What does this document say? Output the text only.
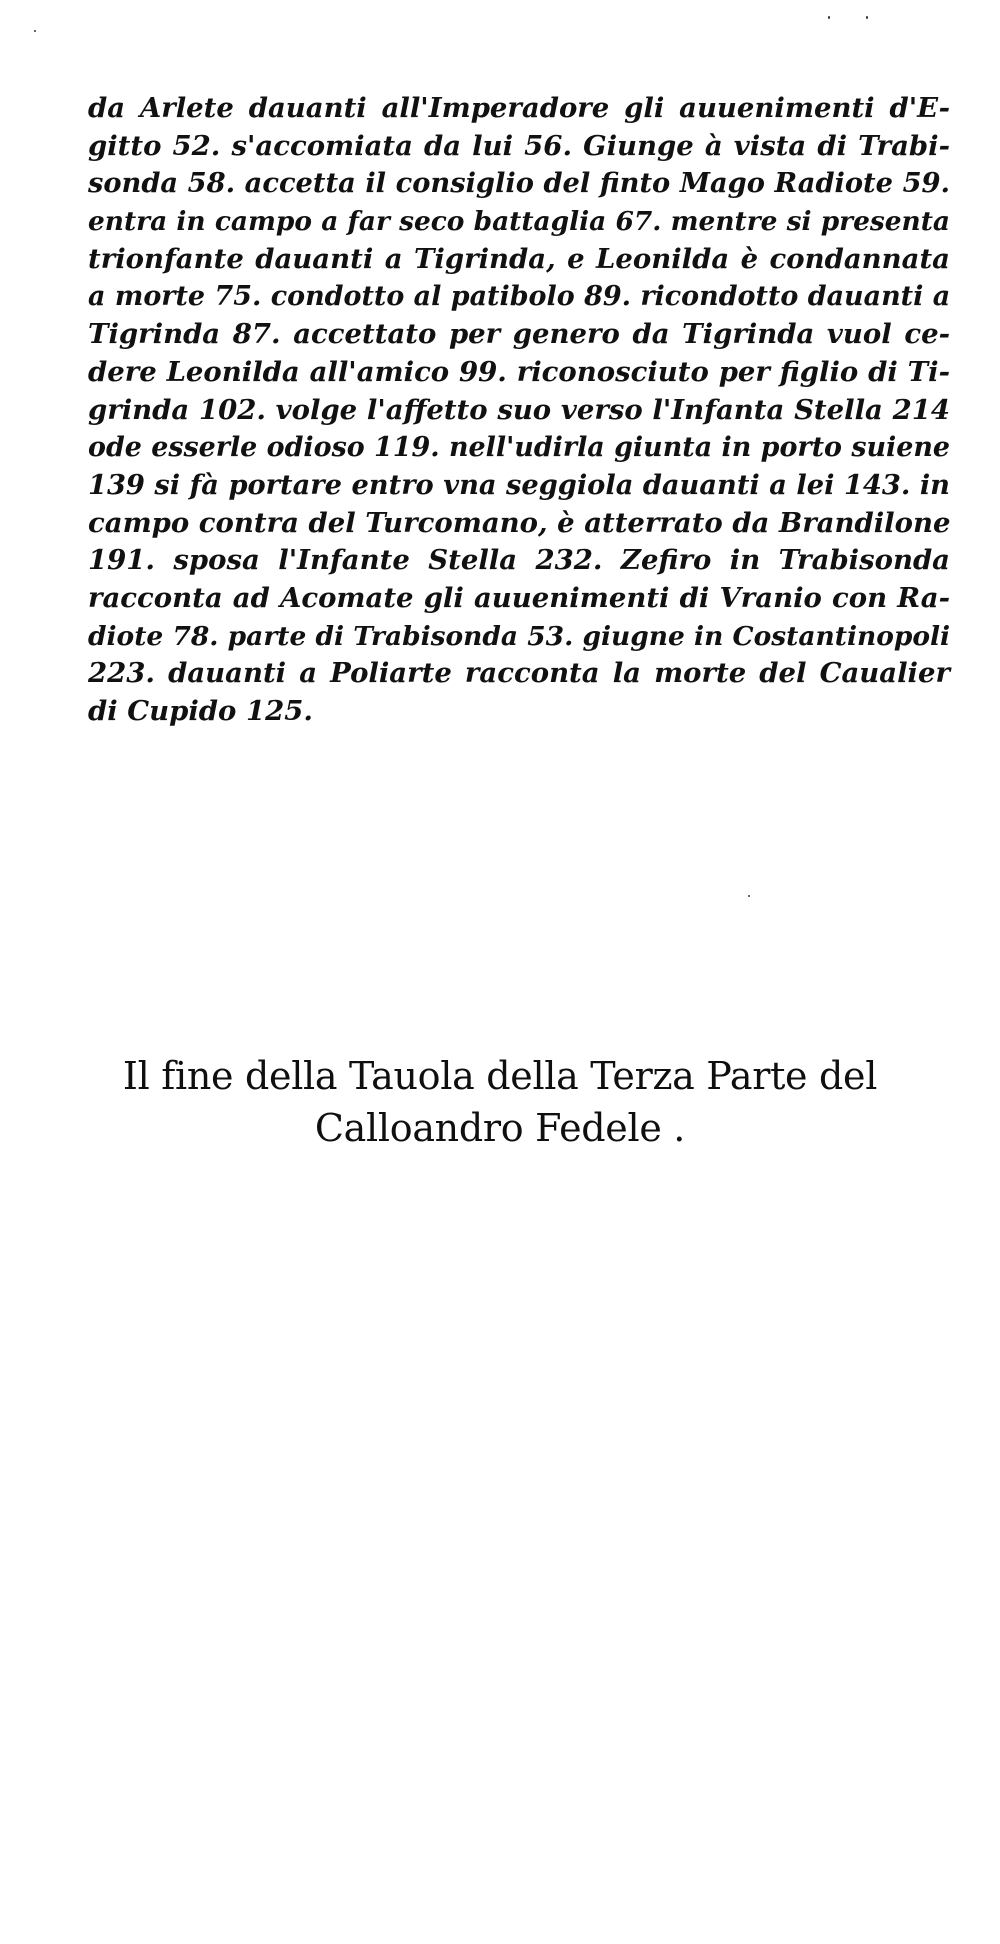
da Arlete dauanti all'Imperadore gli auuenimenti d'E-
gitto 52. s'accomiata da lui 56. Giunge à vista di Trabi-
sonda 58. accetta il consiglio del finto Mago Radiote 59.
entra in campo a far seco battaglia 67. mentre si presenta
trionfante dauanti a Tigrinda, e Leonilda è condannata
a morte 75. condotto al patibolo 89. ricondotto dauanti a
Tigrinda 87. accettato per genero da Tigrinda vuol ce-
dere Leonilda all'amico 99. riconosciuto per figlio di Ti-
grinda 102. volge l'affetto suo verso l'Infanta Stella 214
ode esserle odioso 119. nell'udirla giunta in porto suiene
139 si fà portare entro vna seggiola dauanti a lei 143. in
campo contra del Turcomano, è atterrato da Brandilone
191. sposa l'Infante Stella 232. Zefiro in Trabisonda
racconta ad Acomate gli auuenimenti di Vranio con Ra-
diote 78. parte di Trabisonda 53. giugne in Costantinopoli
223. dauanti a Poliarte racconta la morte del Caualier
di Cupido 125.
Il fine della Tauola della Terza Parte del
Calloandro Fedele .
